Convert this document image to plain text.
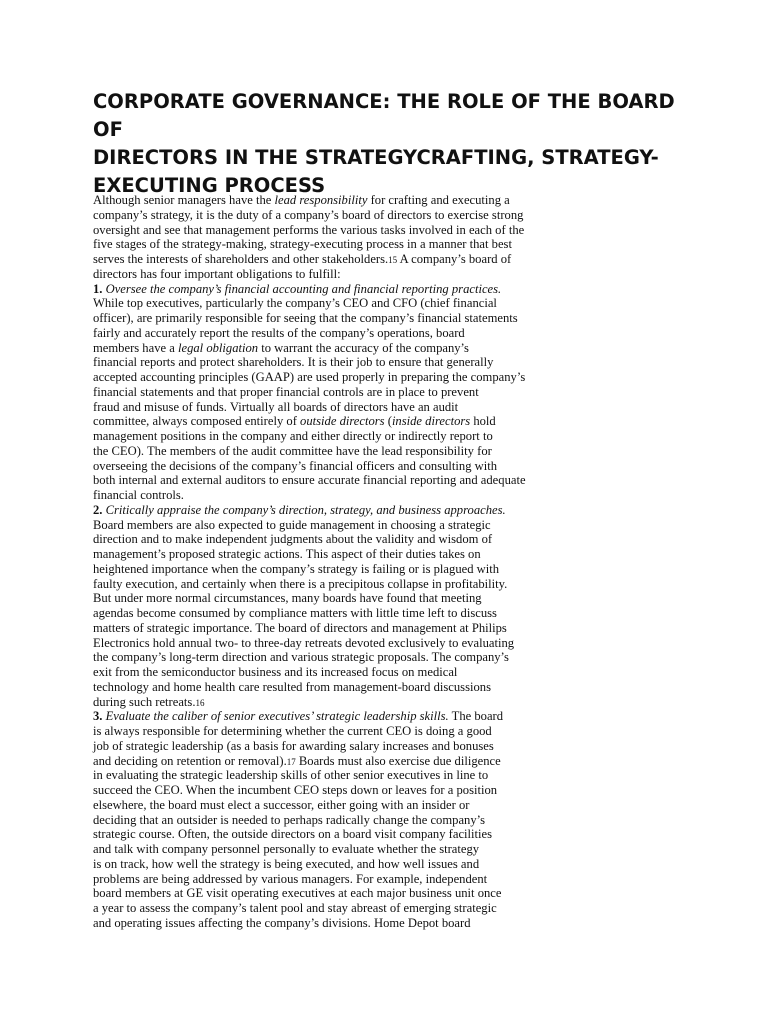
CORPORATE GOVERNANCE: THE ROLE OF THE BOARD OF
DIRECTORS IN THE STRATEGYCRAFTING, STRATEGY-
EXECUTING PROCESS
Although senior managers have the lead responsibility for crafting and executing a
company’s strategy, it is the duty of a company’s board of directors to exercise strong
oversight and see that management performs the various tasks involved in each of the
five stages of the strategy-making, strategy-executing process in a manner that best
serves the interests of shareholders and other stakeholders.15 A company’s board of
directors has four important obligations to fulfill:
1. Oversee the company’s financial accounting and financial reporting practices.
While top executives, particularly the company’s CEO and CFO (chief financial
officer), are primarily responsible for seeing that the company’s financial statements
fairly and accurately report the results of the company’s operations, board
members have a legal obligation to warrant the accuracy of the company’s
financial reports and protect shareholders. It is their job to ensure that generally
accepted accounting principles (GAAP) are used properly in preparing the company’s
financial statements and that proper financial controls are in place to prevent
fraud and misuse of funds. Virtually all boards of directors have an audit
committee, always composed entirely of outside directors (inside directors hold
management positions in the company and either directly or indirectly report to
the CEO). The members of the audit committee have the lead responsibility for
overseeing the decisions of the company’s financial officers and consulting with
both internal and external auditors to ensure accurate financial reporting and adequate
financial controls.
2. Critically appraise the company’s direction, strategy, and business approaches.
Board members are also expected to guide management in choosing a strategic
direction and to make independent judgments about the validity and wisdom of
management’s proposed strategic actions. This aspect of their duties takes on
heightened importance when the company’s strategy is failing or is plagued with
faulty execution, and certainly when there is a precipitous collapse in profitability.
But under more normal circumstances, many boards have found that meeting
agendas become consumed by compliance matters with little time left to discuss
matters of strategic importance. The board of directors and management at Philips
Electronics hold annual two- to three-day retreats devoted exclusively to evaluating
the company’s long-term direction and various strategic proposals. The company’s
exit from the semiconductor business and its increased focus on medical
technology and home health care resulted from management-board discussions
during such retreats.16
3. Evaluate the caliber of senior executives’ strategic leadership skills. The board
is always responsible for determining whether the current CEO is doing a good
job of strategic leadership (as a basis for awarding salary increases and bonuses
and deciding on retention or removal).17 Boards must also exercise due diligence
in evaluating the strategic leadership skills of other senior executives in line to
succeed the CEO. When the incumbent CEO steps down or leaves for a position
elsewhere, the board must elect a successor, either going with an insider or
deciding that an outsider is needed to perhaps radically change the company’s
strategic course. Often, the outside directors on a board visit company facilities
and talk with company personnel personally to evaluate whether the strategy
is on track, how well the strategy is being executed, and how well issues and
problems are being addressed by various managers. For example, independent
board members at GE visit operating executives at each major business unit once
a year to assess the company’s talent pool and stay abreast of emerging strategic
and operating issues affecting the company’s divisions. Home Depot board
